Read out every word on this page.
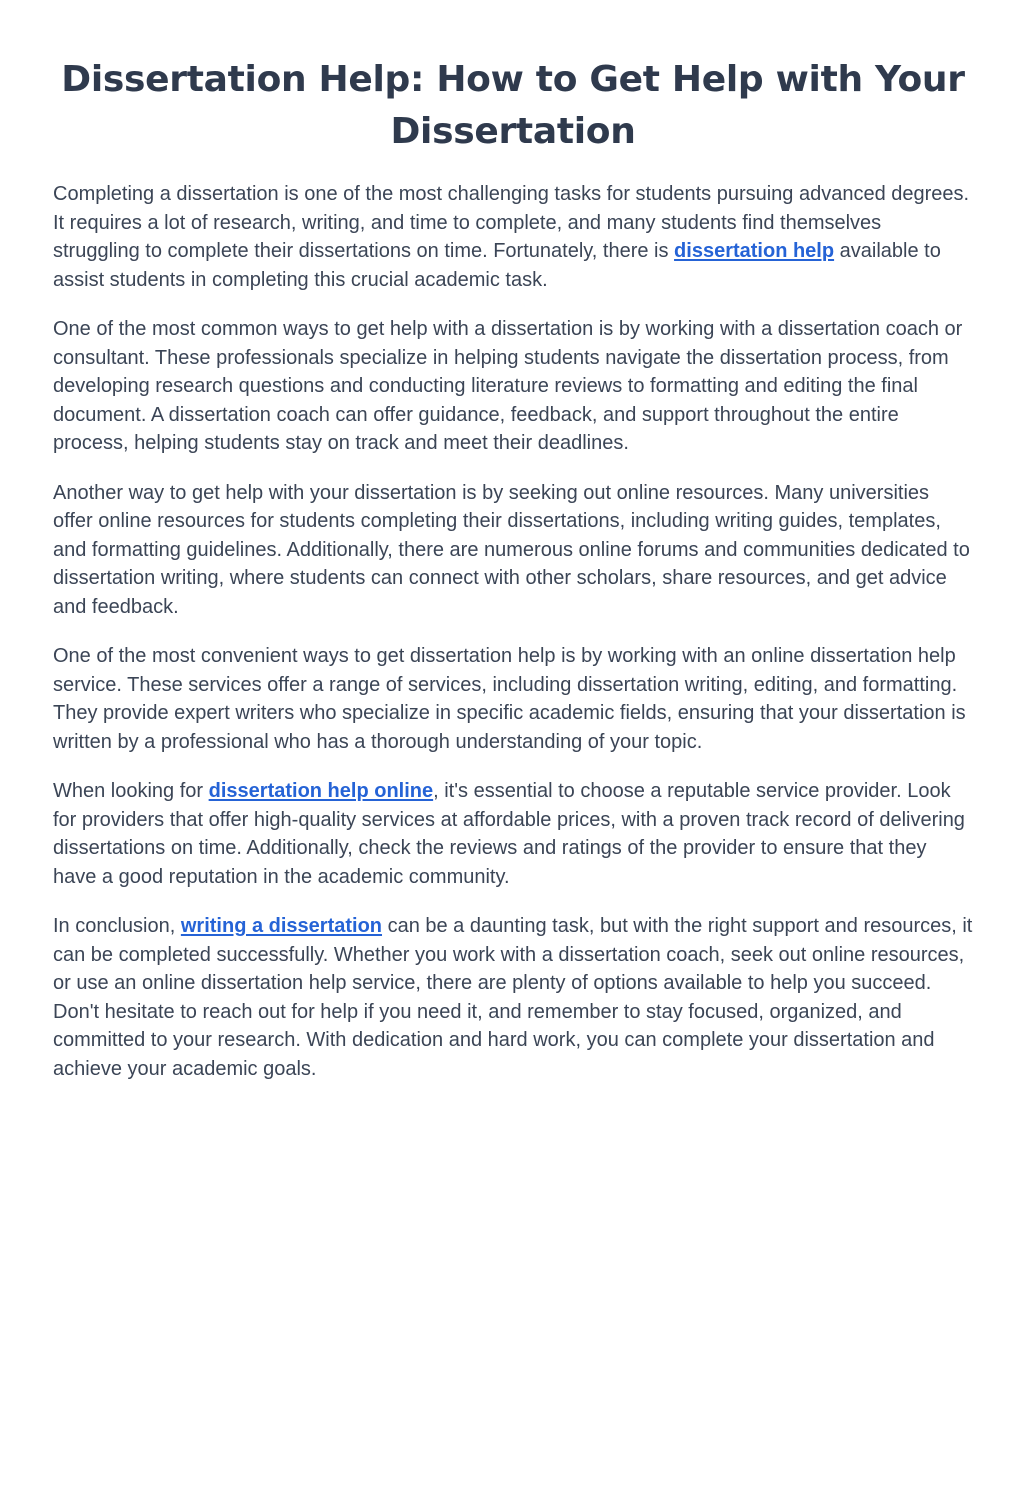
Dissertation Help: How to Get Help with Your Dissertation

Completing a dissertation is one of the most challenging tasks for students pursuing advanced degrees. It requires a lot of research, writing, and time to complete, and many students find themselves struggling to complete their dissertations on time. Fortunately, there is dissertation help available to assist students in completing this crucial academic task.

One of the most common ways to get help with a dissertation is by working with a dissertation coach or consultant. These professionals specialize in helping students navigate the dissertation process, from developing research questions and conducting literature reviews to formatting and editing the final document. A dissertation coach can offer guidance, feedback, and support throughout the entire process, helping students stay on track and meet their deadlines.

Another way to get help with your dissertation is by seeking out online resources. Many universities offer online resources for students completing their dissertations, including writing guides, templates, and formatting guidelines. Additionally, there are numerous online forums and communities dedicated to dissertation writing, where students can connect with other scholars, share resources, and get advice and feedback.

One of the most convenient ways to get dissertation help is by working with an online dissertation help service. These services offer a range of services, including dissertation writing, editing, and formatting. They provide expert writers who specialize in specific academic fields, ensuring that your dissertation is written by a professional who has a thorough understanding of your topic.

When looking for dissertation help online, it's essential to choose a reputable service provider. Look for providers that offer high-quality services at affordable prices, with a proven track record of delivering dissertations on time. Additionally, check the reviews and ratings of the provider to ensure that they have a good reputation in the academic community.

In conclusion, writing a dissertation can be a daunting task, but with the right support and resources, it can be completed successfully. Whether you work with a dissertation coach, seek out online resources, or use an online dissertation help service, there are plenty of options available to help you succeed. Don't hesitate to reach out for help if you need it, and remember to stay focused, organized, and committed to your research. With dedication and hard work, you can complete your dissertation and achieve your academic goals.
